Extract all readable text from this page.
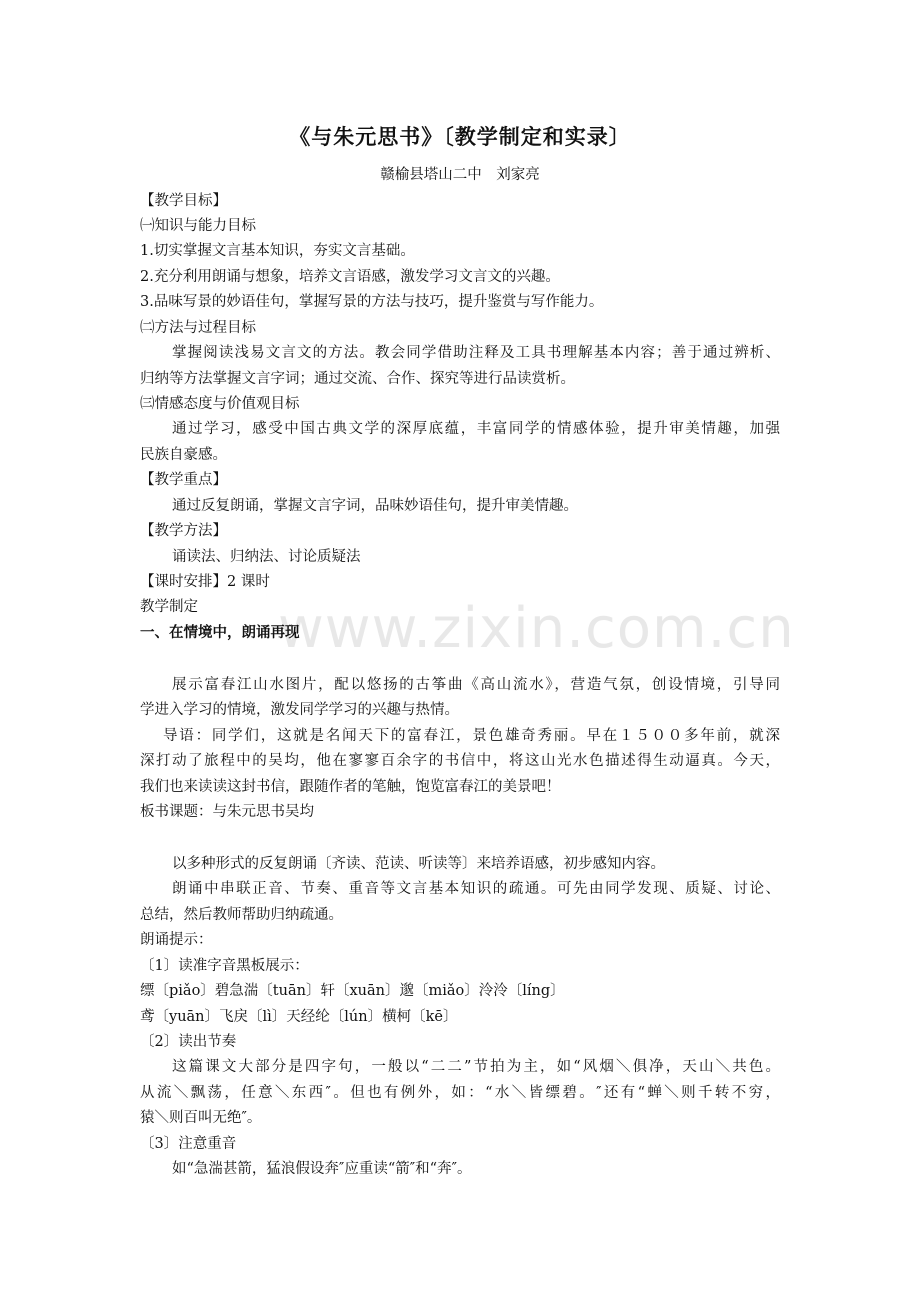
www.zixin.com.cn
《与朱元思书》〔教学制定和实录〕
赣榆县塔山二中　刘家亮
【教学目标】
㈠知识与能力目标
1.切实掌握文言基本知识，夯实文言基础。
2.充分利用朗诵与想象，培养文言语感，激发学习文言文的兴趣。
3.品味写景的妙语佳句，掌握写景的方法与技巧，提升鉴赏与写作能力。
㈡方法与过程目标
掌握阅读浅易文言文的方法。教会同学借助注释及工具书理解基本内容；善于通过辨析、
归纳等方法掌握文言字词；通过交流、合作、探究等进行品读赏析。
㈢情感态度与价值观目标
通过学习，感受中国古典文学的深厚底蕴，丰富同学的情感体验，提升审美情趣，加强
民族自豪感。
【教学重点】
通过反复朗诵，掌握文言字词，品味妙语佳句，提升审美情趣。
【教学方法】
诵读法、归纳法、讨论质疑法
【课时安排】2 课时
教学制定
一、在情境中，朗诵再现
展示富春江山水图片，配以悠扬的古筝曲《高山流水》，营造气氛，创设情境，引导同
学进入学习的情境，激发同学学习的兴趣与热情。
导语：同学们，这就是名闻天下的富春江，景色雄奇秀丽。早在１５００多年前，就深
深打动了旅程中的吴均，他在寥寥百余字的书信中，将这山光水色描述得生动逼真。今天，
我们也来读读这封书信，跟随作者的笔触，饱览富春江的美景吧！
板书课题：与朱元思书吴均
以多种形式的反复朗诵〔齐读、范读、听读等〕来培养语感，初步感知内容。
朗诵中串联正音、节奏、重音等文言基本知识的疏通。可先由同学发现、质疑、讨论、
总结，然后教师帮助归纳疏通。
朗诵提示：
〔1〕读准字音黑板展示：
缥〔piǎo〕碧急湍〔tuān〕轩〔xuān〕邈〔miǎo〕泠泠〔líng〕
鸢〔yuān〕飞戾〔lì〕天经纶〔lún〕横柯〔kē〕
〔2〕读出节奏
这篇课文大部分是四字句，一般以“二二”节拍为主，如“风烟＼俱净，天山＼共色。
从流＼飘荡，任意＼东西″。但也有例外，如：“水＼皆缥碧。″还有“蝉＼则千转不穷，
猿＼则百叫无绝″。
〔3〕注意重音
如“急湍甚箭，猛浪假设奔″应重读“箭″和“奔″。
